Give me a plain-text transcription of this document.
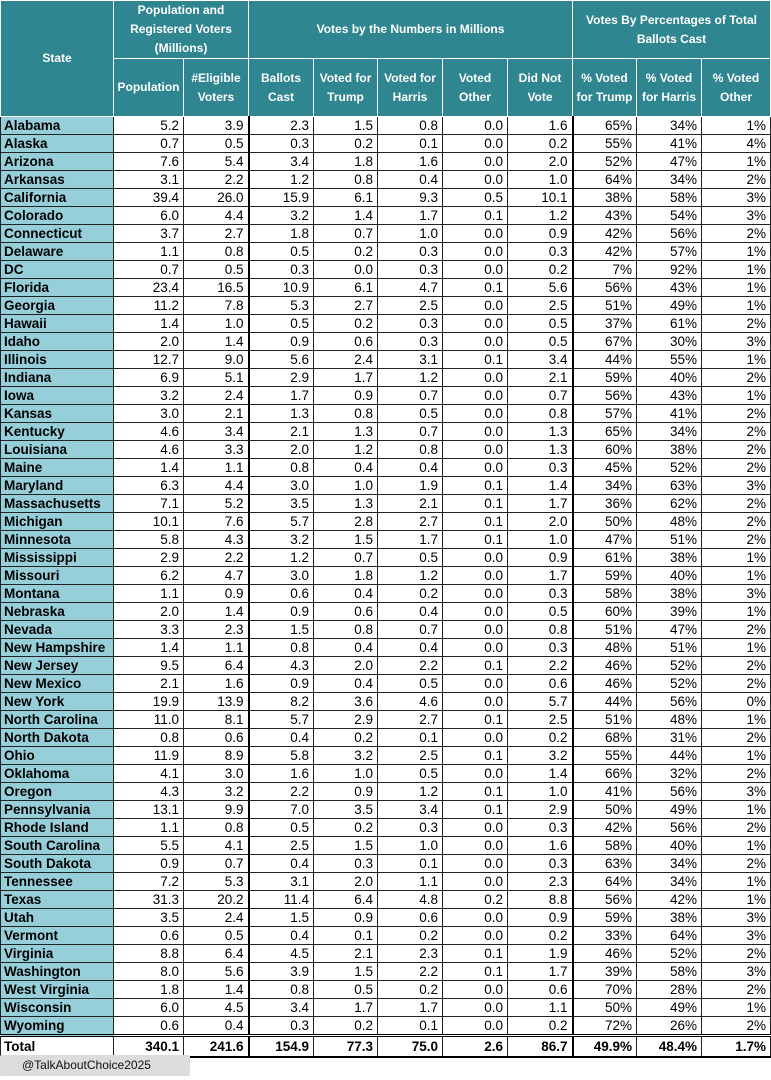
State	Population and Registered Voters (Millions)		Votes by the Numbers in Millions					Votes By Percentages of Total Ballots Cast		
	Population	#Eligible Voters	Ballots Cast	Voted for Trump	Voted for Harris	Voted Other	Did Not Vote	% Voted for Trump	% Voted for Harris	% Voted Other
Alabama	5.2	3.9	2.3	1.5	0.8	0.0	1.6	65%	34%	1%
Alaska	0.7	0.5	0.3	0.2	0.1	0.0	0.2	55%	41%	4%
Arizona	7.6	5.4	3.4	1.8	1.6	0.0	2.0	52%	47%	1%
Arkansas	3.1	2.2	1.2	0.8	0.4	0.0	1.0	64%	34%	2%
California	39.4	26.0	15.9	6.1	9.3	0.5	10.1	38%	58%	3%
Colorado	6.0	4.4	3.2	1.4	1.7	0.1	1.2	43%	54%	3%
Connecticut	3.7	2.7	1.8	0.7	1.0	0.0	0.9	42%	56%	2%
Delaware	1.1	0.8	0.5	0.2	0.3	0.0	0.3	42%	57%	1%
DC	0.7	0.5	0.3	0.0	0.3	0.0	0.2	7%	92%	1%
Florida	23.4	16.5	10.9	6.1	4.7	0.1	5.6	56%	43%	1%
Georgia	11.2	7.8	5.3	2.7	2.5	0.0	2.5	51%	49%	1%
Hawaii	1.4	1.0	0.5	0.2	0.3	0.0	0.5	37%	61%	2%
Idaho	2.0	1.4	0.9	0.6	0.3	0.0	0.5	67%	30%	3%
Illinois	12.7	9.0	5.6	2.4	3.1	0.1	3.4	44%	55%	1%
Indiana	6.9	5.1	2.9	1.7	1.2	0.0	2.1	59%	40%	2%
Iowa	3.2	2.4	1.7	0.9	0.7	0.0	0.7	56%	43%	1%
Kansas	3.0	2.1	1.3	0.8	0.5	0.0	0.8	57%	41%	2%
Kentucky	4.6	3.4	2.1	1.3	0.7	0.0	1.3	65%	34%	2%
Louisiana	4.6	3.3	2.0	1.2	0.8	0.0	1.3	60%	38%	2%
Maine	1.4	1.1	0.8	0.4	0.4	0.0	0.3	45%	52%	2%
Maryland	6.3	4.4	3.0	1.0	1.9	0.1	1.4	34%	63%	3%
Massachusetts	7.1	5.2	3.5	1.3	2.1	0.1	1.7	36%	62%	2%
Michigan	10.1	7.6	5.7	2.8	2.7	0.1	2.0	50%	48%	2%
Minnesota	5.8	4.3	3.2	1.5	1.7	0.1	1.0	47%	51%	2%
Mississippi	2.9	2.2	1.2	0.7	0.5	0.0	0.9	61%	38%	1%
Missouri	6.2	4.7	3.0	1.8	1.2	0.0	1.7	59%	40%	1%
Montana	1.1	0.9	0.6	0.4	0.2	0.0	0.3	58%	38%	3%
Nebraska	2.0	1.4	0.9	0.6	0.4	0.0	0.5	60%	39%	1%
Nevada	3.3	2.3	1.5	0.8	0.7	0.0	0.8	51%	47%	2%
New Hampshire	1.4	1.1	0.8	0.4	0.4	0.0	0.3	48%	51%	1%
New Jersey	9.5	6.4	4.3	2.0	2.2	0.1	2.2	46%	52%	2%
New Mexico	2.1	1.6	0.9	0.4	0.5	0.0	0.6	46%	52%	2%
New York	19.9	13.9	8.2	3.6	4.6	0.0	5.7	44%	56%	0%
North Carolina	11.0	8.1	5.7	2.9	2.7	0.1	2.5	51%	48%	1%
North Dakota	0.8	0.6	0.4	0.2	0.1	0.0	0.2	68%	31%	2%
Ohio	11.9	8.9	5.8	3.2	2.5	0.1	3.2	55%	44%	1%
Oklahoma	4.1	3.0	1.6	1.0	0.5	0.0	1.4	66%	32%	2%
Oregon	4.3	3.2	2.2	0.9	1.2	0.1	1.0	41%	56%	3%
Pennsylvania	13.1	9.9	7.0	3.5	3.4	0.1	2.9	50%	49%	1%
Rhode Island	1.1	0.8	0.5	0.2	0.3	0.0	0.3	42%	56%	2%
South Carolina	5.5	4.1	2.5	1.5	1.0	0.0	1.6	58%	40%	1%
South Dakota	0.9	0.7	0.4	0.3	0.1	0.0	0.3	63%	34%	2%
Tennessee	7.2	5.3	3.1	2.0	1.1	0.0	2.3	64%	34%	1%
Texas	31.3	20.2	11.4	6.4	4.8	0.2	8.8	56%	42%	1%
Utah	3.5	2.4	1.5	0.9	0.6	0.0	0.9	59%	38%	3%
Vermont	0.6	0.5	0.4	0.1	0.2	0.0	0.2	33%	64%	3%
Virginia	8.8	6.4	4.5	2.1	2.3	0.1	1.9	46%	52%	2%
Washington	8.0	5.6	3.9	1.5	2.2	0.1	1.7	39%	58%	3%
West Virginia	1.8	1.4	0.8	0.5	0.2	0.0	0.6	70%	28%	2%
Wisconsin	6.0	4.5	3.4	1.7	1.7	0.0	1.1	50%	49%	1%
Wyoming	0.6	0.4	0.3	0.2	0.1	0.0	0.2	72%	26%	2%
Total	340.1	241.6	154.9	77.3	75.0	2.6	86.7	49.9%	48.4%	1.7%
@TalkAboutChoice2025
